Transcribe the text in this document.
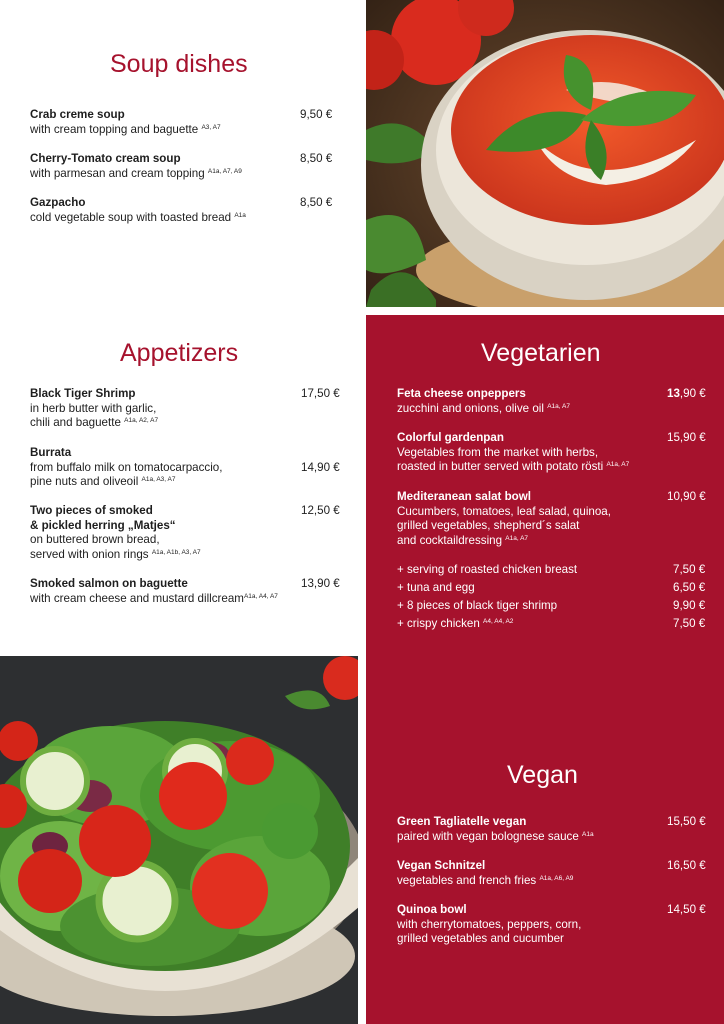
Soup dishes
Crab creme soup
with cream topping and baguette $^{A3, A7}$
9,50 €
Cherry-Tomato cream soup
with parmesan and cream topping $^{A1a, A7, A9}$
8,50 €
Gazpacho
cold vegetable soup with toasted bread $^{A1a}$
8,50 €
Appetizers
Black Tiger Shrimp
in herb butter with garlic,
chili and baguette $^{A1a, A2, A7}$
17,50 €
Burrata
from buffalo milk on tomatocarpaccio,
pine nuts and oliveoil $^{A1a, A3, A7}$
14,90 €
Two pieces of smoked
& pickled herring „Matjes“
on buttered brown bread,
served with onion rings $^{A1a, A1b, A3, A7}$
12,50 €
Smoked salmon on baguette
with cream cheese and mustard dillcream$^{A1a, A4, A7}$
13,90 €
Vegetarien
Feta cheese onpeppers
zucchini and onions, olive oil $^{A1a, A7}$
13,90 €
Colorful gardenpan
Vegetables from the market with herbs,
roasted in butter served with potato rösti $^{A1a, A7}$
15,90 €
Mediteranean salat bowl
Cucumbers, tomatoes, leaf salad, quinoa,
grilled vegetables, shepherd´s salat
and cocktaildressing $^{A1a, A7}$
10,90 €
+ serving of roasted chicken breast	7,50 €
+ tuna and egg	6,50 €
+ 8 pieces of black tiger shrimp	9,90 €
+ crispy chicken $^{A4, A4, A2}$	7,50 €
Vegan
Green Tagliatelle vegan
paired with vegan bolognese sauce $^{A1a}$
15,50 €
Vegan Schnitzel
vegetables and french fries $^{A1a, A6, A9}$
16,50 €
Quinoa bowl
with cherrytomatoes, peppers, corn,
grilled vegetables and cucumber
14,50 €
